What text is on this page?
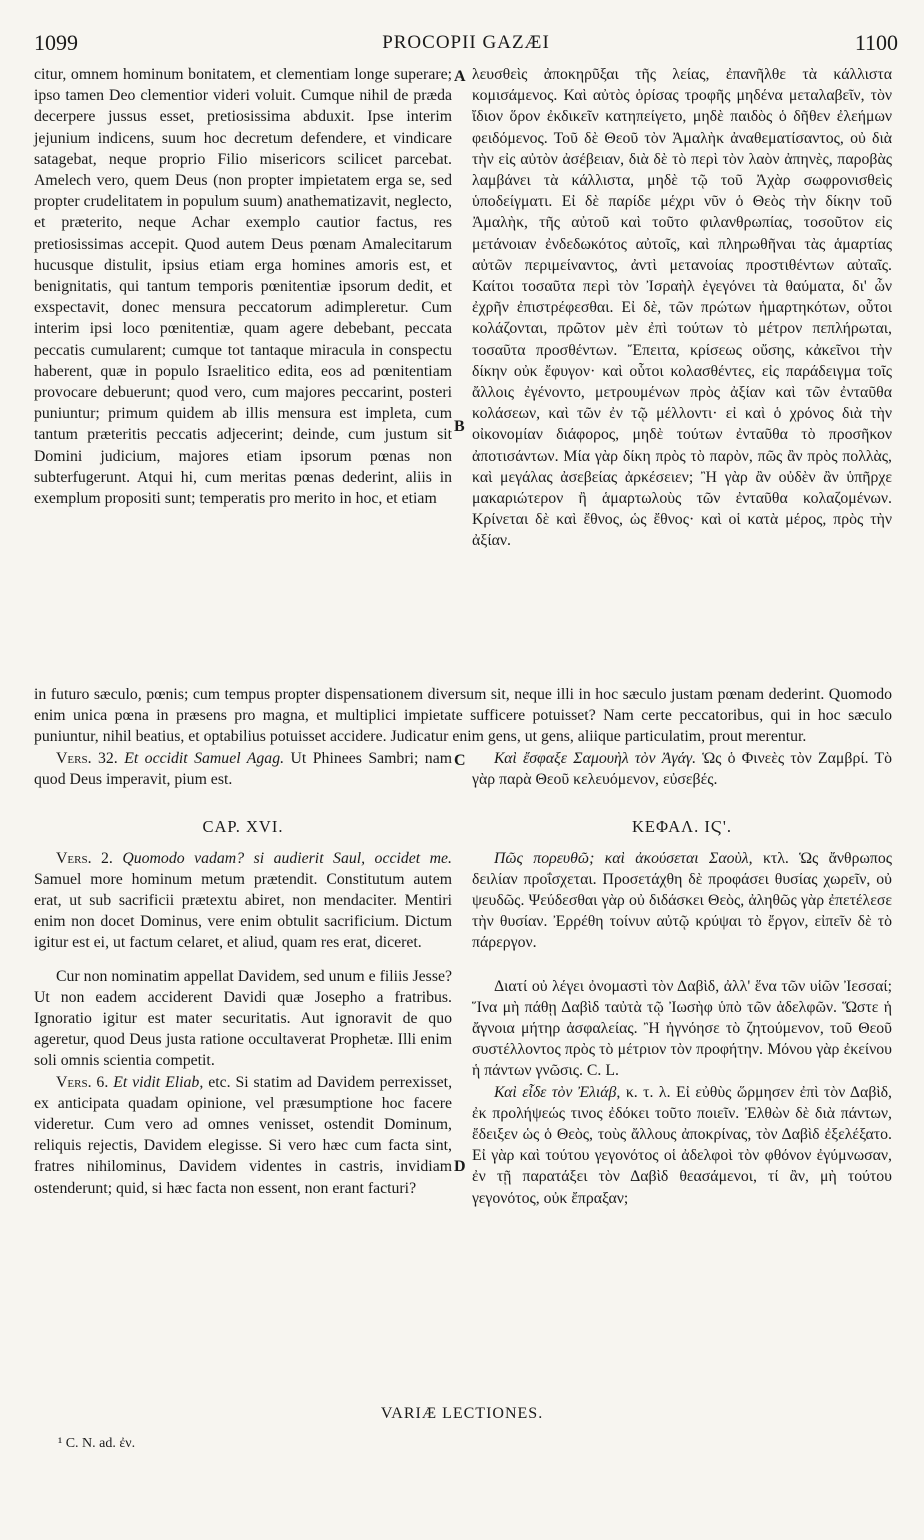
1099	PROCOPII GAZÆI	1100

citur, omnem hominum bonitatem, et clementiam longe superare; ipso tamen Deo clementior videri voluit. Cumque nihil de præda decerpere jussus esset, pretiosissima abduxit. Ipse interim jejunium indicens, suum hoc decretum defendere, et vindicare satagebat, neque proprio Filio misericors scilicet parcebat. Amelech vero, quem Deus (non propter impietatem erga se, sed propter crudelitatem in populum suum) anathematizavit, neglecto, et præterito, neque Achar exemplo cautior factus, res pretiosissimas accepit. Quod autem Deus pœnam Amalecitarum hucusque distulit, ipsius etiam erga homines amoris est, et benignitatis, qui tantum temporis pœnitentiæ ipsorum dedit, et exspectavit, donec mensura peccatorum adimpleretur. Cum interim ipsi loco pœnitentiæ, quam agere debebant, peccata peccatis cumularent; cumque tot tantaque miracula in conspectu haberent, quæ in populo Israelitico edita, eos ad pœnitentiam provocare debuerunt; quod vero, cum majores peccarint, posteri puniuntur; primum quidem ab illis mensura est impleta, cum tantum præteritis peccatis adjecerint; deinde, cum justum sit Domini judicium, majores etiam ipsorum pœnas non subterfugerunt. Atqui hi, cum meritas pœnas dederint, aliis in exemplum propositi sunt; temperatis pro merito in hoc, et etiam

A λευσθεὶς ἀποκηρῦξαι τῆς λείας, ἐπανῆλθε τὰ κάλλιστα κομισάμενος. Καὶ αὐτὸς ὁρίσας τροφῆς μηδένα μεταλαβεῖν, τὸν ἴδιον ὅρον ἐκδικεῖν κατηπείγετο, μηδὲ παιδὸς ὁ δῆθεν ἐλεήμων φειδόμενος. Τοῦ δὲ Θεοῦ τὸν Ἀμαλὴκ ἀναθεματίσαντος, οὐ διὰ τὴν εἰς αὐτὸν ἀσέβειαν, διὰ δὲ τὸ περὶ τὸν λαὸν ἀπηνὲς, παροβὰς λαμβάνει τὰ κάλλιστα, μηδὲ τῷ τοῦ Ἀχὰρ σωφρονισθεὶς ὑποδείγματι. Εἰ δὲ παρίδε μέχρι νῦν ὁ Θεὸς τὴν δίκην τοῦ Ἀμαλὴκ, τῆς αὐτοῦ καὶ τοῦτο φιλανθρωπίας, τοσοῦτον εἰς μετάνοιαν ἐνδεδωκότος αὐτοῖς, καὶ πληρωθῆναι τὰς ἁμαρτίας αὐτῶν περιμείναντος, ἀντὶ μετανοίας προστιθέντων αὐταῖς. Καίτοι τοσαῦτα περὶ τὸν Ἰσραὴλ ἐγεγόνει τὰ θαύματα, δι' ὧν ἐχρῆν ἐπιστρέφεσθαι. Εἰ δὲ, τῶν πρώτων ἡμαρτηκότων, οὗτοι κολάζονται, πρῶτον μὲν ἐπὶ τούτων τὸ μέτρον πεπλήρωται, τοσαῦτα προσθέντων. Ἔπειτα, κρίσεως οὔσης, κἀκεῖνοι τὴν δίκην οὐκ ἔφυγον· καὶ οὗτοι κολασθέντες, εἰς παράδειγμα τοῖς ἄλλοις ἐγένοντο, μετρουμένων πρὸς ἀξίαν καὶ τῶν ἐνταῦθα κολάσεων, καὶ τῶν ἐν τῷ μέλλοντι· εἰ καὶ ὁ χρόνος διὰ τὴν οἰκονομίαν διάφορος, μηδὲ τούτων ἐνταῦθα τὸ προσῆκον ἀποτισάντων. Μία γὰρ δίκη πρὸς τὸ παρὸν, πῶς ἂν πρὸς πολλὰς, καὶ μεγάλας ἀσεβείας ἀρκέσειεν; Ἢ γὰρ ἂν οὐδὲν ἂν ὑπῆρχε μακαριώτερον ἢ ἁμαρτωλοὺς τῶν ἐνταῦθα κολαζομένων. Κρίνεται δὲ καὶ ἔθνος, ὡς ἔθνος· καὶ οἱ κατὰ μέρος, πρὸς τὴν ἀξίαν.

B

in futuro sæculo, pœnis; cum tempus propter dispensationem diversum sit, neque illi in hoc sæculo justam pœnam dederint. Quomodo enim unica pœna in præsens pro magna, et multiplici impietate sufficere potuisset? Nam certe peccatoribus, qui in hoc sæculo puniuntur, nihil beatius, et optabilius potuisset accidere. Judicatur enim gens, ut gens, aliique particulatim, prout merentur.

C

Vers. 32. Et occidit Samuel Agag. Ut Phinees Sambri; nam quod Deus imperavit, pium est.

CAP. XVI.

Vers. 2. Quomodo vadam? si audierit Saul, occidet me. Samuel more hominum metum prætendit. Constitutum autem erat, ut sub sacrificii prætextu abiret, non mendaciter. Mentiri enim non docet Dominus, vere enim obtulit sacrificium. Dictum igitur est ei, ut factum celaret, et aliud, quam res erat, diceret.

Cur non nominatim appellat Davidem, sed unum e filiis Jesse? Ut non eadem acciderent Davidi quæ Josepho a fratribus. Ignoratio igitur est mater securitatis. Aut ignoravit de quo ageretur, quod Deus justa ratione occultaverat Prophetæ. Illi enim soli omnis scientia competit.

Vers. 6. Et vidit Eliab, etc. Si statim ad Davidem perrexisset, ex anticipata quadam opinione, vel præsumptione hoc facere videretur. Cum vero ad omnes venisset, ostendit Dominum, reliquis rejectis, Davidem elegisse. Si vero hæc cum facta sint, fratres nihilominus, Davidem videntes in castris, invidiam ostenderunt; quid, si hæc facta non essent, non erant facturi?

Καὶ ἔσφαξε Σαμουὴλ τὸν Ἀγάγ. Ὡς ὁ Φινεὲς τὸν Ζαμβρί. Τὸ γὰρ παρὰ Θεοῦ κελευόμενον, εὐσεβές.

ΚΕΦΑΛ. ΙϚ'.

Πῶς πορευθῶ; καὶ ἀκούσεται Σαοὺλ, κτλ. Ὡς ἄνθρωπος δειλίαν προΐσχεται. Προσετάχθη δὲ πρoφάσει θυσίας χωρεῖν, οὐ ψευδῶς. Ψεύδεσθαι γὰρ οὐ διδάσκει Θεὸς, ἀληθῶς γὰρ ἐπετέλεσε τὴν θυσίαν. Ἐρρέθη τοίνυν αὐτῷ κρύψαι τὸ ἔργον, εἰπεῖν δὲ τὸ πάρεργον.

Διατί οὐ λέγει ὀνομαστὶ τὸν Δαβὶδ, ἀλλ' ἕνα τῶν υἱῶν Ἰεσσαί; Ἵνα μὴ πάθῃ Δαβὶδ ταὐτὰ τῷ Ἰωσὴφ ὑπὸ τῶν ἀδελφῶν. Ὥστε ἡ ἄγνοια μήτηρ ἀσφαλείας. Ἢ ἠγνόησε τὸ ζητούμενον, τοῦ Θεοῦ συστέλλοντος πρὸς τὸ μέτριον τὸν προφήτην. Μόνου γὰρ ἐκείνου ἡ πάντων γνῶσις. C. L.

Καὶ εἶδε τὸν Ἐλιάβ, κ. τ. λ. Εἰ εὐθὺς ὥρμησεν ἐπὶ τὸν Δαβὶδ, ἐκ προλήψεώς τινος ἐδόκει τοῦτο ποιεῖν. Ἐλθὼν δὲ διὰ πάντων, ἔδειξεν ὡς ὁ Θεὸς, τοὺς ἄλλους ἀποκρίνας, τὸν Δαβὶδ ἐξελέξατο. Εἰ γὰρ καὶ τούτου γεγονότος οἱ ἀδελφοὶ τὸν φθόνον ἐγύμνωσαν, ἐν τῇ παρατάξει τὸν Δαβὶδ θεασάμενοι, τί ἂν, μὴ τούτου γεγονότος, οὐκ ἔπραξαν;

D
VARIÆ LECTIONES.
¹ C. N. ad. ἐν.
